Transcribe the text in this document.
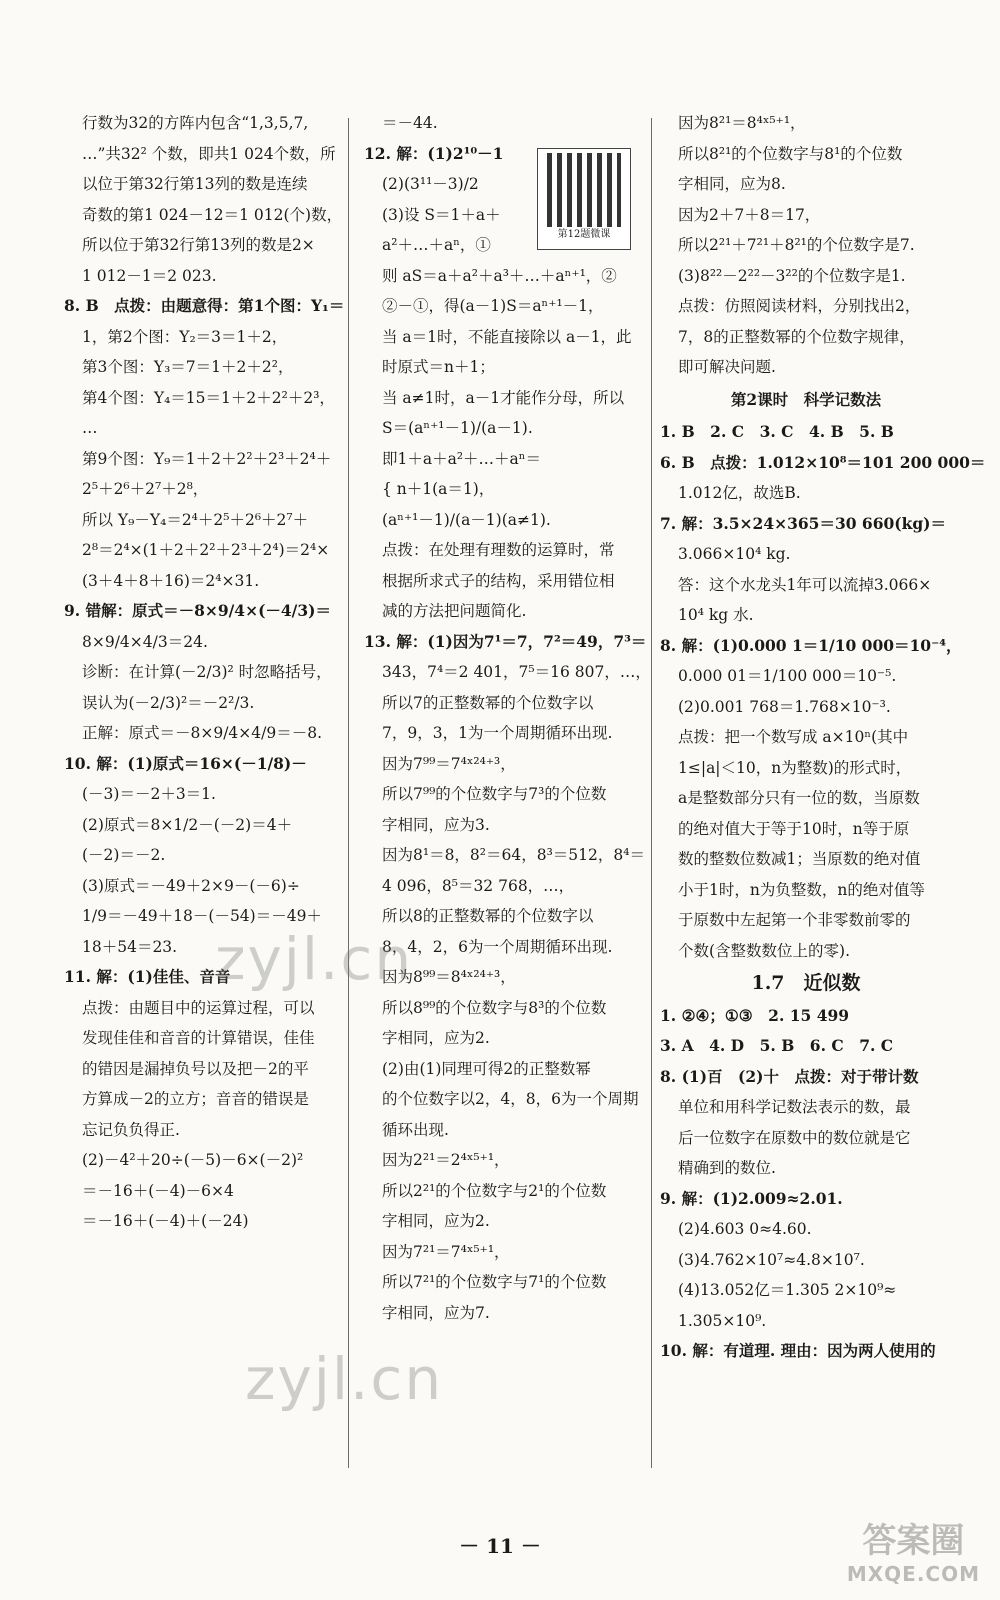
行数为32的方阵内包含“1,3,5,7,
…”共32² 个数，即共1 024个数，所
以位于第32行第13列的数是连续
奇数的第1 024－12＝1 012(个)数，
所以位于第32行第13列的数是2×
1 012－1＝2 023.
8. B　点拨：由题意得：第1个图：Y₁＝
1，第2个图：Y₂＝3＝1＋2，
第3个图：Y₃＝7＝1＋2＋2²，
第4个图：Y₄＝15＝1＋2＋2²＋2³，
…
第9个图：Y₉＝1＋2＋2²＋2³＋2⁴＋
2⁵＋2⁶＋2⁷＋2⁸，
所以 Y₉－Y₄＝2⁴＋2⁵＋2⁶＋2⁷＋
2⁸＝2⁴×(1＋2＋2²＋2³＋2⁴)＝2⁴×
(3＋4＋8＋16)＝2⁴×31.
9. 错解：原式＝－8×9/4×(－4/3)＝
8×9/4×4/3＝24.
诊断：在计算(－2/3)² 时忽略括号，
误认为(－2/3)²＝－2²/3.
正解：原式＝－8×9/4×4/9＝－8.
10. 解：(1)原式＝16×(－1/8)－
(－3)＝－2＋3＝1.
(2)原式＝8×1/2－(－2)＝4＋
(－2)＝－2.
(3)原式＝－49＋2×9－(－6)÷
1/9＝－49＋18－(－54)＝－49＋
18＋54＝23.
11. 解：(1)佳佳、音音
点拨：由题目中的运算过程，可以
发现佳佳和音音的计算错误，佳佳
的错因是漏掉负号以及把－2的平
方算成－2的立方；音音的错误是
忘记负负得正.
(2)－4²＋20÷(－5)－6×(－2)²
＝－16＋(－4)－6×4
＝－16＋(－4)＋(－24)
＝－44.
12. 解：(1)2¹⁰－1
(2)(3¹¹－3)/2
(3)设 S＝1＋a＋
a²＋…＋aⁿ，①
则 aS＝a＋a²＋a³＋…＋aⁿ⁺¹，②
②－①，得(a－1)S＝aⁿ⁺¹－1，
当 a＝1时，不能直接除以 a－1，此
时原式＝n＋1；
当 a≠1时，a－1才能作分母，所以
S＝(aⁿ⁺¹－1)/(a－1).
即1＋a＋a²＋…＋aⁿ＝
{ n＋1(a＝1)，
(aⁿ⁺¹－1)/(a－1)(a≠1).
点拨：在处理有理数的运算时，常
根据所求式子的结构，采用错位相
减的方法把问题简化.
13. 解：(1)因为7¹＝7，7²＝49，7³＝
343，7⁴＝2 401，7⁵＝16 807，…，
所以7的正整数幂的个位数字以
7，9，3，1为一个周期循环出现.
因为7⁹⁹＝7⁴ˣ²⁴⁺³，
所以7⁹⁹的个位数字与7³的个位数
字相同，应为3.
因为8¹＝8，8²＝64，8³＝512，8⁴＝
4 096，8⁵＝32 768，…，
所以8的正整数幂的个位数字以
8，4，2，6为一个周期循环出现.
因为8⁹⁹＝8⁴ˣ²⁴⁺³，
所以8⁹⁹的个位数字与8³的个位数
字相同，应为2.
(2)由(1)同理可得2的正整数幂
的个位数字以2，4，8，6为一个周期
循环出现.
因为2²¹＝2⁴ˣ⁵⁺¹，
所以2²¹的个位数字与2¹的个位数
字相同，应为2.
因为7²¹＝7⁴ˣ⁵⁺¹，
所以7²¹的个位数字与7¹的个位数
字相同，应为7.
因为8²¹＝8⁴ˣ⁵⁺¹，
所以8²¹的个位数字与8¹的个位数
字相同，应为8.
因为2＋7＋8＝17，
所以2²¹＋7²¹＋8²¹的个位数字是7.
(3)8²²－2²²－3²²的个位数字是1.
点拨：仿照阅读材料，分别找出2，
7，8的正整数幂的个位数字规律，
即可解决问题.
第2课时　科学记数法
1. B　2. C　3. C　4. B　5. B
6. B　点拨：1.012×10⁸＝101 200 000＝
1.012亿，故选B.
7. 解：3.5×24×365＝30 660(kg)＝
3.066×10⁴ kg.
答：这个水龙头1年可以流掉3.066×
10⁴ kg 水.
8. 解：(1)0.000 1＝1/10 000＝10⁻⁴，
0.000 01＝1/100 000＝10⁻⁵.
(2)0.001 768＝1.768×10⁻³.
点拨：把一个数写成 a×10ⁿ(其中
1≤|a|＜10，n为整数)的形式时，
a是整数部分只有一位的数，当原数
的绝对值大于等于10时，n等于原
数的整数位数减1；当原数的绝对值
小于1时，n为负整数，n的绝对值等
于原数中左起第一个非零数前零的
个数(含整数数位上的零).
1.7　近似数
1. ②④；①③　2. 15 499
3. A　4. D　5. B　6. C　7. C
8. (1)百　(2)十　点拨：对于带计数
单位和用科学记数法表示的数，最
后一位数字在原数中的数位就是它
精确到的数位.
9. 解：(1)2.009≈2.01.
(2)4.603 0≈4.60.
(3)4.762×10⁷≈4.8×10⁷.
(4)13.052亿＝1.305 2×10⁹≈
1.305×10⁹.
10. 解：有道理. 理由：因为两人使用的
第12题微课
－ 11 －
zyjl.cn
zyjl.cn
答案圈
MXQE.COM
